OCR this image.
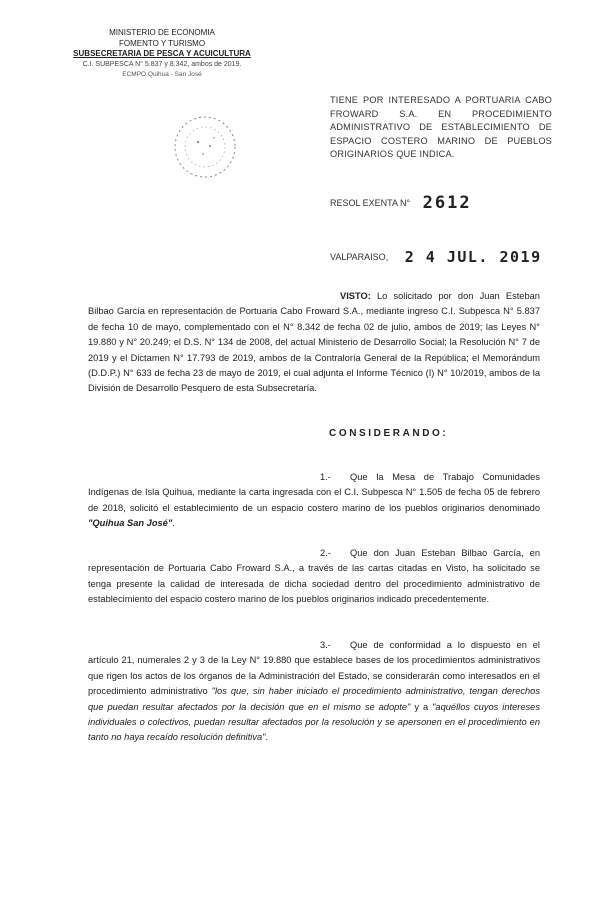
MINISTERIO DE ECONOMIA
FOMENTO Y TURISMO
SUBSECRETARIA DE PESCA Y ACUICULTURA
C.I. SUBPESCA N° 5.837 y 8.342, ambos de 2019.
ECMPO Quihua - San José
TIENE POR INTERESADO A PORTUARIA CABO FROWARD S.A. EN PROCEDIMIENTO ADMINISTRATIVO DE ESTABLECIMIENTO DE ESPACIO COSTERO MARINO DE PUEBLOS ORIGINARIOS QUE INDICA.
RESOL EXENTA N° 2612
VALPARAISO, 2 4 JUL. 2019
VISTO: Lo solicitado por don Juan Esteban Bilbao García en representación de Portuaria Cabo Froward S.A., mediante ingreso C.I. Subpesca N° 5.837 de fecha 10 de mayo, complementado con el N° 8.342 de fecha 02 de julio, ambos de 2019; las Leyes N° 19.880 y N° 20.249; el D.S. N° 134 de 2008, del actual Ministerio de Desarrollo Social; la Resolución N° 7 de 2019 y el Dictamen N° 17.793 de 2019, ambos de la Contraloría General de la República; el Memorándum (D.D.P.) N° 633 de fecha 23 de mayo de 2019, el cual adjunta el Informe Técnico (I) N° 10/2019, ambos de la División de Desarrollo Pesquero de esta Subsecretaría.
CONSIDERANDO:
1.- Que la Mesa de Trabajo Comunidades Indígenas de Isla Quihua, mediante la carta ingresada con el C.I. Subpesca N° 1.505 de fecha 05 de febrero de 2018, solicitó el establecimiento de un espacio costero marino de los pueblos originarios denominado "Quihua San José".
2.- Que don Juan Esteban Bilbao García, en representación de Portuaria Cabo Froward S.A., a través de las cartas citadas en Visto, ha solicitado se tenga presente la calidad de interesada de dicha sociedad dentro del procedimiento administrativo de establecimiento del espacio costero marino de los pueblos originarios indicado precedentemente.
3.- Que de conformidad a lo dispuesto en el artículo 21, numerales 2 y 3 de la Ley N° 19.880 que establece bases de los procedimientos administrativos que rigen los actos de los órganos de la Administración del Estado, se considerarán como interesados en el procedimiento administrativo "los que, sin haber iniciado el procedimiento administrativo, tengan derechos que puedan resultar afectados por la decisión que en el mismo se adopte" y a "aquéllos cuyos intereses individuales o colectivos, puedan resultar afectados por la resolución y se apersonen en el procedimiento en tanto no haya recaído resolución definitiva".
